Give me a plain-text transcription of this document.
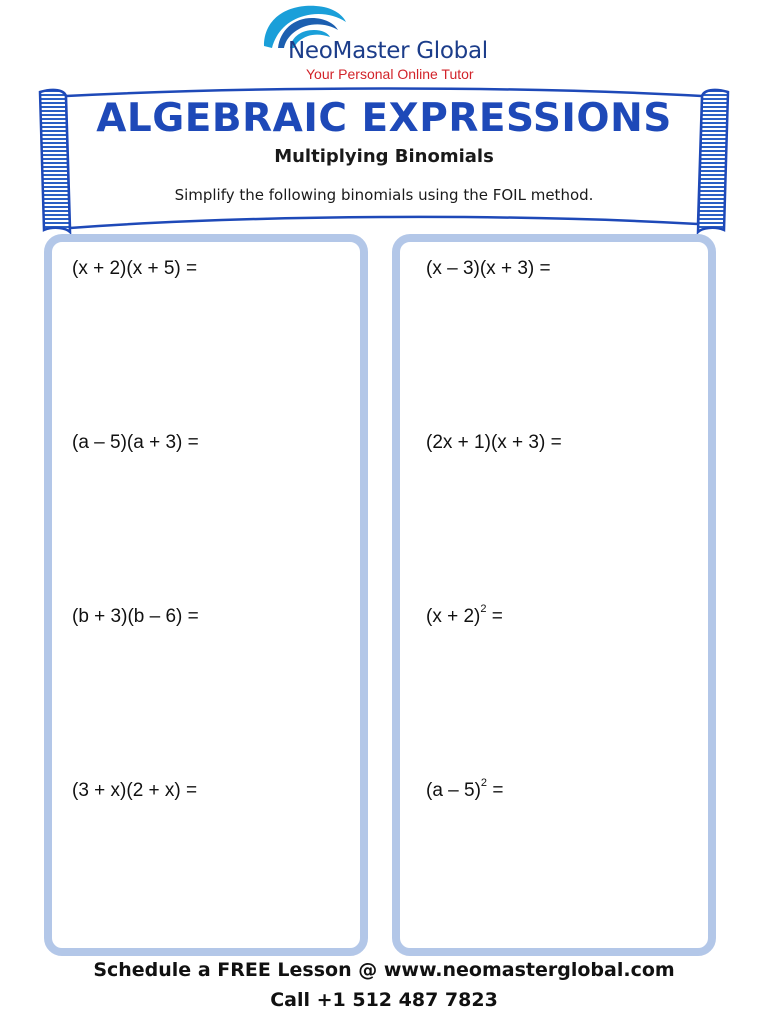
NeoMaster Global
Your Personal Online Tutor
ALGEBRAIC EXPRESSIONS
Multiplying Binomials
Simplify the following binomials using the FOIL method.
(x + 2)(x + 5) =
(a – 5)(a + 3) =
(b + 3)(b – 6) =
(3 + x)(2 + x) =
(x – 3)(x + 3) =
(2x + 1)(x + 3) =
$(x + 2)^2$ =
(a – 5)$^2$ =
Schedule a FREE Lesson @ www.neomasterglobal.com
Call +1 512 487 7823
